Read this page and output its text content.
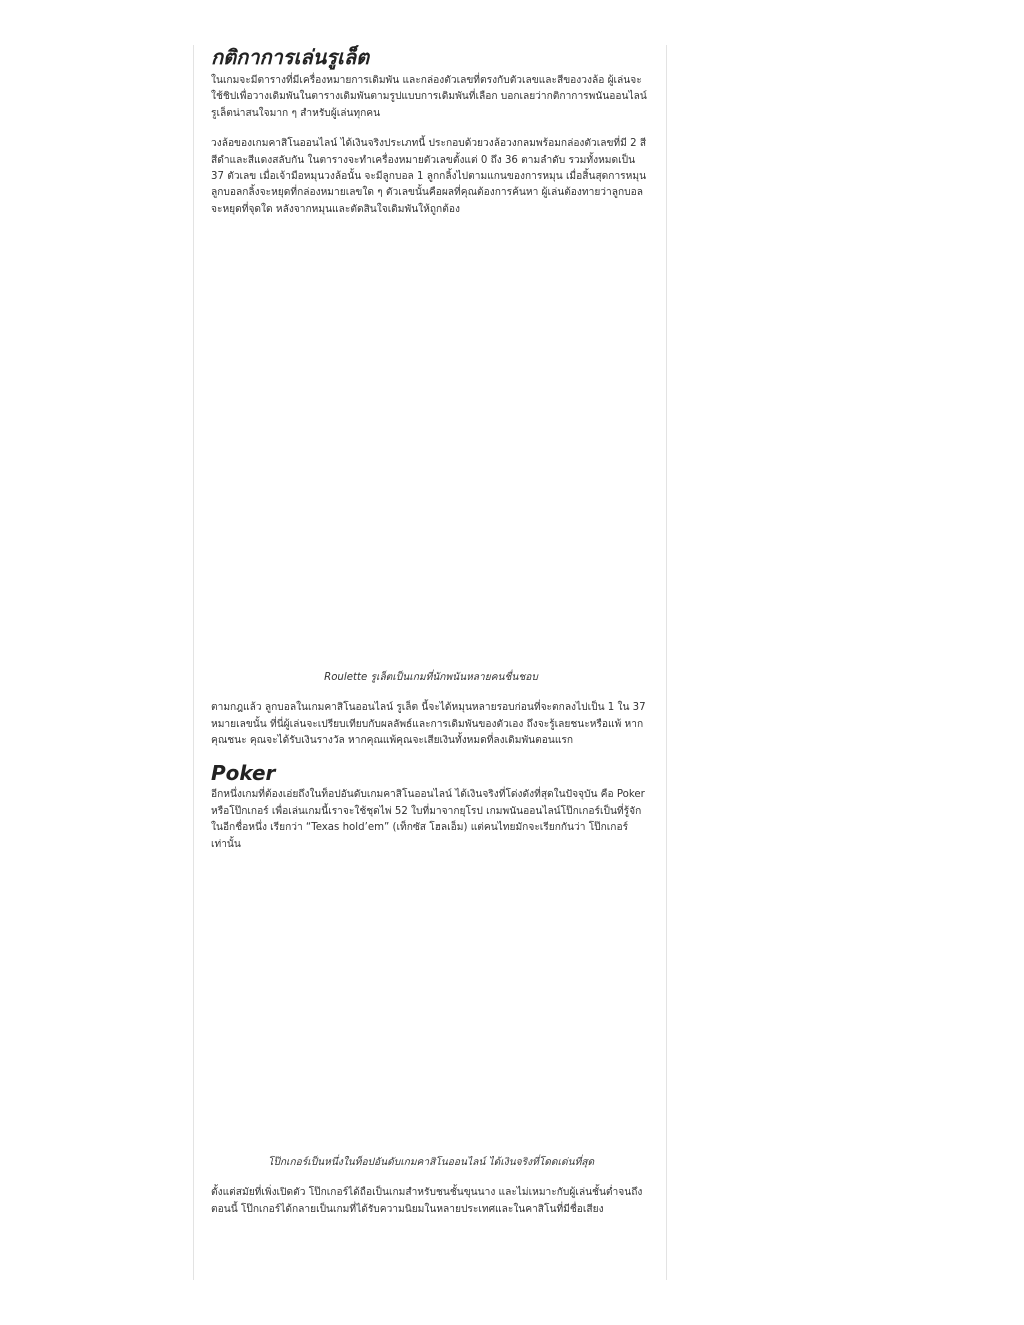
กติกาการเล่นรูเล็ต

ในเกมจะมีตารางที่มีเครื่องหมายการเดิมพัน และกล่องตัวเลขที่ตรงกับตัวเลขและสีของวงล้อ ผู้เล่นจะใช้ชิปเพื่อวางเดิมพันในตารางเดิมพันตามรูปแบบการเดิมพันที่เลือก บอกเลยว่ากติกาการพนันออนไลน์รูเล็ตน่าสนใจมาก ๆ สำหรับผู้เล่นทุกคน

วงล้อของเกมคาสิโนออนไลน์ ได้เงินจริงประเภทนี้ ประกอบด้วยวงล้อวงกลมพร้อมกล่องตัวเลขที่มี 2 สี สีดำและสีแดงสลับกัน ในตารางจะทำเครื่องหมายตัวเลขตั้งแต่ 0 ถึง 36 ตามลำดับ รวมทั้งหมดเป็น 37 ตัวเลข เมื่อเจ้ามือหมุนวงล้อนั้น จะมีลูกบอล 1 ลูกกลิ้งไปตามแกนของการหมุน เมื่อสิ้นสุดการหมุน ลูกบอลกลิ้งจะหยุดที่กล่องหมายเลขใด ๆ ตัวเลขนั้นคือผลที่คุณต้องการค้นหา ผู้เล่นต้องทายว่าลูกบอลจะหยุดที่จุดใด หลังจากหมุนและตัดสินใจเดิมพันให้ถูกต้อง

Roulette รูเล็ตเป็นเกมที่นักพนันหลายคนชื่นชอบ

ตามกฎแล้ว ลูกบอลในเกมคาสิโนออนไลน์ รูเล็ต นี้จะได้หมุนหลายรอบก่อนที่จะตกลงไปเป็น 1 ใน 37 หมายเลขนั้น ที่นี่ผู้เล่นจะเปรียบเทียบกับผลลัพธ์และการเดิมพันของตัวเอง ถึงจะรู้เลยชนะหรือแพ้ หากคุณชนะ คุณจะได้รับเงินรางวัล หากคุณแพ้คุณจะเสียเงินทั้งหมดที่ลงเดิมพันตอนแรก

Poker

อีกหนึ่งเกมที่ต้องเอ่ยถึงในท็อปอันดับเกมคาสิโนออนไลน์ ได้เงินจริงที่โด่งดังที่สุดในปัจจุบัน คือ Poker หรือโป๊กเกอร์ เพื่อเล่นเกมนี้เราจะใช้ชุดไพ่ 52 ใบที่มาจากยุโรป เกมพนันออนไลน์โป๊กเกอร์เป็นที่รู้จักในอีกชื่อหนึ่ง เรียกว่า “Texas hold’em” (เท็กซัส โฮลเอ็ม) แต่คนไทยมักจะเรียกกันว่า โป๊กเกอร์ เท่านั้น

โป๊กเกอร์เป็นหนึ่งในท็อปอันดับเกมคาสิโนออนไลน์ ได้เงินจริงที่โดดเด่นที่สุด

ตั้งแต่สมัยที่เพิ่งเปิดตัว โป๊กเกอร์ได้ถือเป็นเกมสำหรับชนชั้นขุนนาง และไม่เหมาะกับผู้เล่นชั้นต่ำจนถึงตอนนี้ โป๊กเกอร์ได้กลายเป็นเกมที่ได้รับความนิยมในหลายประเทศและในคาสิโนที่มีชื่อเสียง
